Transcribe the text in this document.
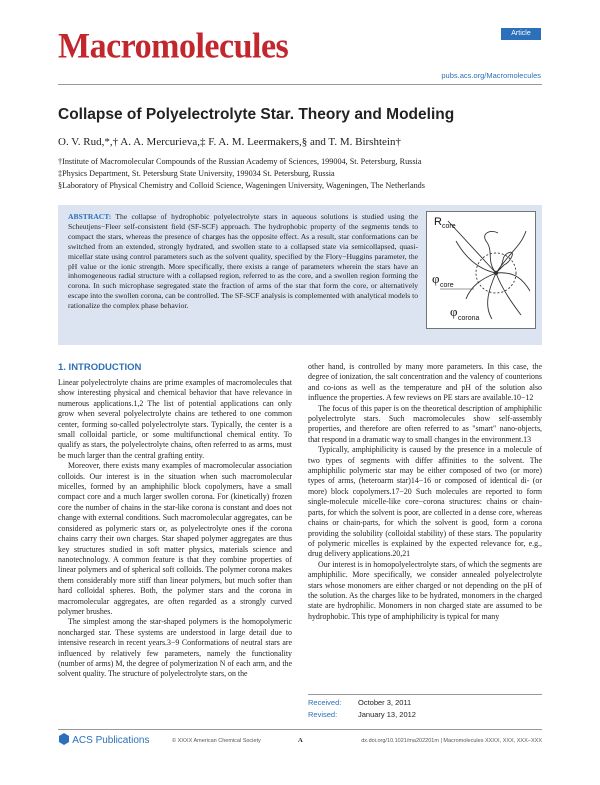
Macromolecules	Article
pubs.acs.org/Macromolecules
Collapse of Polyelectrolyte Star. Theory and Modeling
O. V. Rud,*,† A. A. Mercurieva,‡ F. A. M. Leermakers,§ and T. M. Birshtein†
†Institute of Macromolecular Compounds of the Russian Academy of Sciences, 199004, St. Petersburg, Russia
‡Physics Department, St. Petersburg State University, 199034 St. Petersburg, Russia
§Laboratory of Physical Chemistry and Colloid Science, Wageningen University, Wageningen, The Netherlands
ABSTRACT: The collapse of hydrophobic polyelectrolyte stars in aqueous solutions is studied using the Scheutjens−Fleer self-consistent field (SF-SCF) approach. The hydrophobic property of the segments tends to compact the stars, whereas the presence of charges has the opposite effect. As a result, star conformations can be switched from an extended, strongly hydrated, and swollen state to a collapsed state via semicollapsed, quasi-micellar state using control parameters such as the solvent quality, specified by the Flory−Huggins parameter, the pH value or the ionic strength. More specifically, there exists a range of parameters wherein the stars have an inhomogeneous radial structure with a collapsed region, referred to as the core, and a swollen region forming the corona. In such microphase segregated state the fraction of arms of the star that form the core, or alternatively escape into the swollen corona, can be controlled. The SF-SCF analysis is complemented with analytical models to rationalize the complex phase behavior.
R core
φ core
φ corona
1. INTRODUCTION

Linear polyelectrolyte chains are prime examples of macromolecules that show interesting physical and chemical behavior that have relevance in numerous applications.1,2 The list of potential applications can only grow when several polyelectrolyte chains are tethered to one common center, forming so-called polyelectrolyte stars. Typically, the center is a small colloidal particle, or some multifunctional chemical entity. To qualify as stars, the polyelectrolyte chains, often referred to as arms, must be much larger than the central grafting entity.

Moreover, there exists many examples of macromolecular association colloids. Our interest is in the situation when such macromolecular micelles, formed by an amphiphilic block copolymers, have a small compact core and a much larger swollen corona. For (kinetically) frozen core the number of chains in the star-like corona is constant and does not change with external conditions. Such macromolecular aggregates, can be considered as polymeric stars or, as polyelectrolyte ones if the corona chains carry their own charges. Star shaped polymer aggregates are thus key structures studied in soft matter physics, materials science and nanotechnology. A common feature is that they combine properties of linear polymers and of spherical soft colloids. The polymer corona makes them considerably more stiff than linear polymers, but much softer than hard colloidal spheres. Both, the polymer stars and the corona in macromolecular aggregates, are often regarded as a strongly curved polymer brushes.

The simplest among the star-shaped polymers is the homopolymeric noncharged star. These systems are understood in large detail due to intensive research in recent years.3−9 Conformations of neutral stars are influenced by relatively few parameters, namely the functionality (number of arms) M, the degree of polymerization N of each arm, and the solvent quality. The structure of polyelectrolyte stars, on the

other hand, is controlled by many more parameters. In this case, the degree of ionization, the salt concentration and the valency of counterions and co-ions as well as the temperature and pH of the solution also influence the properties. A few reviews on PE stars are available.10−12

The focus of this paper is on the theoretical description of amphiphilic polyelectrolyte stars. Such macromolecules show self-assembly properties, and therefore are often referred to as "smart" nano-objects, that respond in a dramatic way to small changes in the environment.13

Typically, amphiphilicity is caused by the presence in a molecule of two types of segments with differ affinities to the solvent. The amphiphilic polymeric star may be either composed of two (or more) types of arms, (heteroarm star)14−16 or composed of identical di- (or more) block copolymers.17−20 Such molecules are reported to form single-molecule micelle-like core−corona structures: chains or chain-parts, for which the solvent is poor, are collected in a dense core, whereas chains or chain-parts, for which the solvent is good, form a corona providing the solubility (colloidal stability) of these stars. The popularity of polymeric micelles is explained by the expected relevance for, e.g., drug delivery applications.20,21

Our interest is in homopolyelectrolyte stars, of which the segments are amphiphilic. More specifically, we consider annealed polyelectrolyte stars whose monomers are either charged or not depending on the pH of the solution. As the charges like to be hydrated, monomers in the charged state are hydrophilic. Monomers in non charged state are assumed to be hydrophobic. This type of amphiphilicity is typical for many

Received: October 3, 2011
Revised:	January 13, 2012
ACS Publications	© XXXX American Chemical Society	A	dx.doi.org/10.1021/ma202201m | Macromolecules XXXX, XXX, XXX−XXX
